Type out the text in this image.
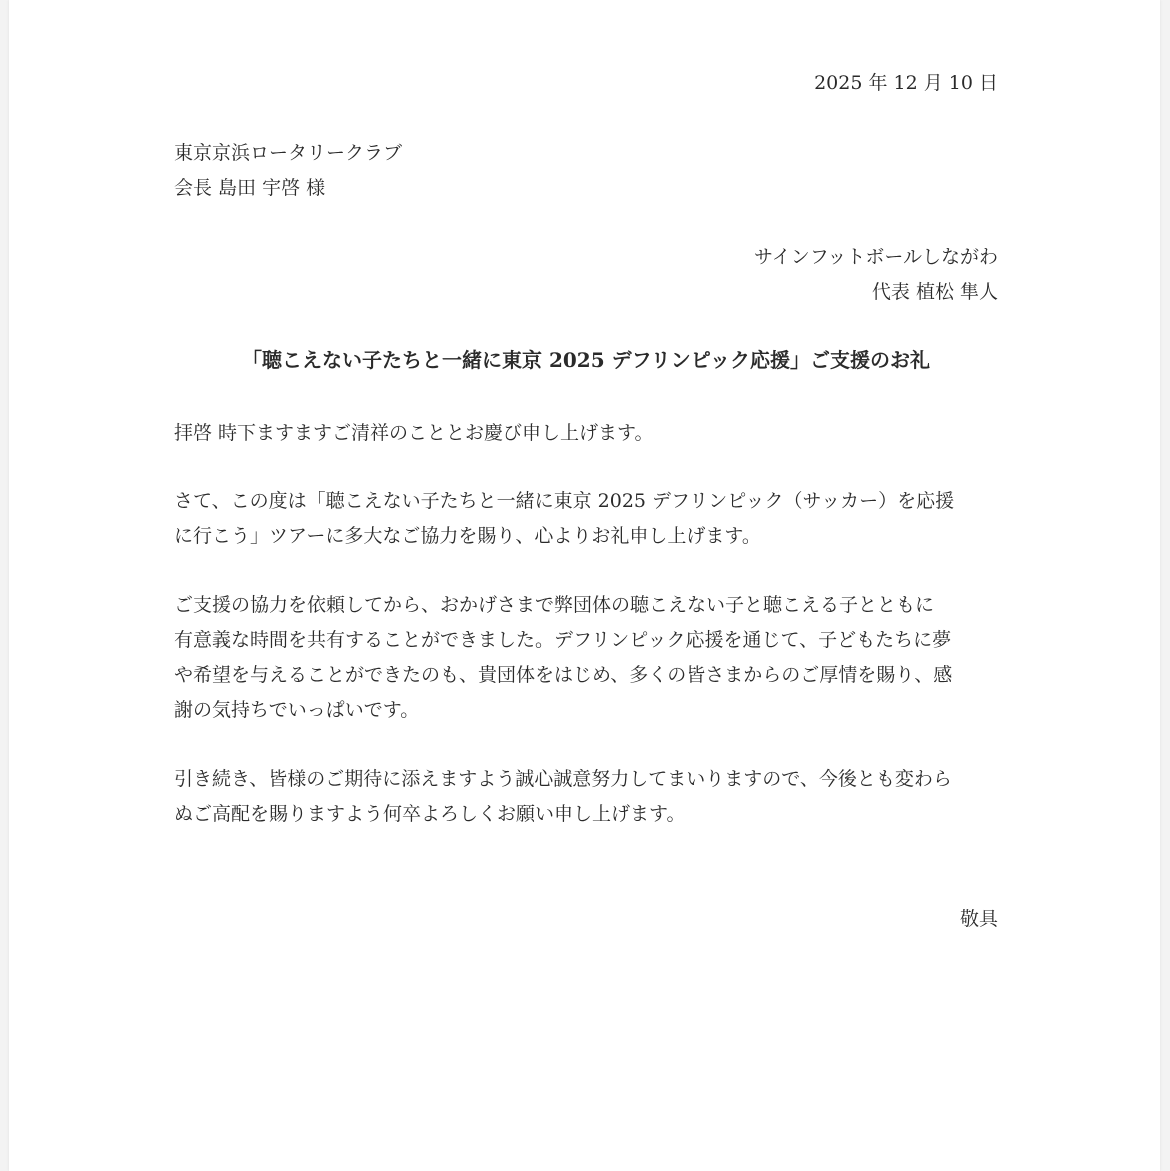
2025 年 12 月 10 日
東京京浜ロータリークラブ
会長 島田 宇啓 様
サインフットボールしながわ
代表 植松 隼人
「聴こえない子たちと一緒に東京 2025 デフリンピック応援」ご支援のお礼

拝啓 時下ますますご清祥のこととお慶び申し上げます。

さて、この度は「聴こえない子たちと一緒に東京 2025 デフリンピック（サッカー）を応援
に行こう」ツアーに多大なご協力を賜り、心よりお礼申し上げます。

ご支援の協力を依頼してから、おかげさまで弊団体の聴こえない子と聴こえる子とともに
有意義な時間を共有することができました。デフリンピック応援を通じて、子どもたちに夢
や希望を与えることができたのも、貴団体をはじめ、多くの皆さまからのご厚情を賜り、感
謝の気持ちでいっぱいです。

引き続き、皆様のご期待に添えますよう誠心誠意努力してまいりますので、今後とも変わら
ぬご高配を賜りますよう何卒よろしくお願い申し上げます。

敬具
